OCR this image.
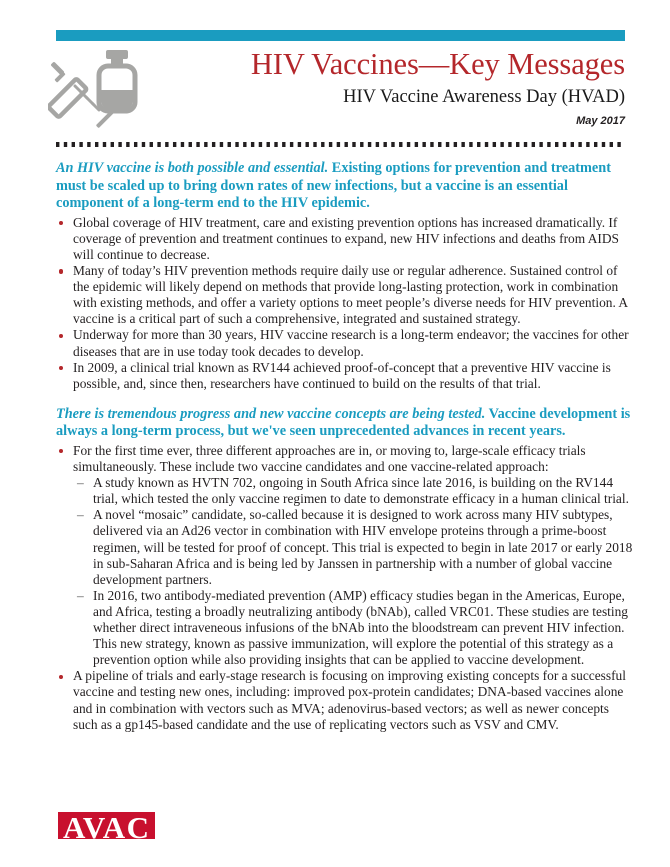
HIV Vaccines—Key Messages
HIV Vaccine Awareness Day (HVAD)
May 2017

An HIV vaccine is both possible and essential. Existing options for prevention and treatment must be scaled up to bring down rates of new infections, but a vaccine is an essential component of a long-term end to the HIV epidemic.

Global coverage of HIV treatment, care and existing prevention options has increased dramatically. If coverage of prevention and treatment continues to expand, new HIV infections and deaths from AIDS will continue to decrease.
Many of today’s HIV prevention methods require daily use or regular adherence. Sustained control of the epidemic will likely depend on methods that provide long-lasting protection, work in combination with existing methods, and offer a variety options to meet people’s diverse needs for HIV prevention. A vaccine is a critical part of such a comprehensive, integrated and sustained strategy.
Underway for more than 30 years, HIV vaccine research is a long-term endeavor; the vaccines for other diseases that are in use today took decades to develop.
In 2009, a clinical trial known as RV144 achieved proof-of-concept that a preventive HIV vaccine is possible, and, since then, researchers have continued to build on the results of that trial.

There is tremendous progress and new vaccine concepts are being tested. Vaccine development is always a long-term process, but we've seen unprecedented advances in recent years.

For the first time ever, three different approaches are in, or moving to, large-scale efficacy trials simultaneously. These include two vaccine candidates and one vaccine-related approach:
– A study known as HVTN 702, ongoing in South Africa since late 2016, is building on the RV144 trial, which tested the only vaccine regimen to date to demonstrate efficacy in a human clinical trial.
– A novel “mosaic” candidate, so-called because it is designed to work across many HIV subtypes, delivered via an Ad26 vector in combination with HIV envelope proteins through a prime-boost regimen, will be tested for proof of concept. This trial is expected to begin in late 2017 or early 2018 in sub-Saharan Africa and is being led by Janssen in partnership with a number of global vaccine development partners.
– In 2016, two antibody-mediated prevention (AMP) efficacy studies began in the Americas, Europe, and Africa, testing a broadly neutralizing antibody (bNAb), called VRC01. These studies are testing whether direct intraveneous infusions of the bNAb into the bloodstream can prevent HIV infection. This new strategy, known as passive immunization, will explore the potential of this strategy as a prevention option while also providing insights that can be applied to vaccine development.
A pipeline of trials and early-stage research is focusing on improving existing concepts for a successful vaccine and testing new ones, including: improved pox-protein candidates; DNA-based vaccines alone and in combination with vectors such as MVA; adenovirus-based vectors; as well as newer concepts such as a gp145-based candidate and the use of replicating vectors such as VSV and CMV.
AVAC
